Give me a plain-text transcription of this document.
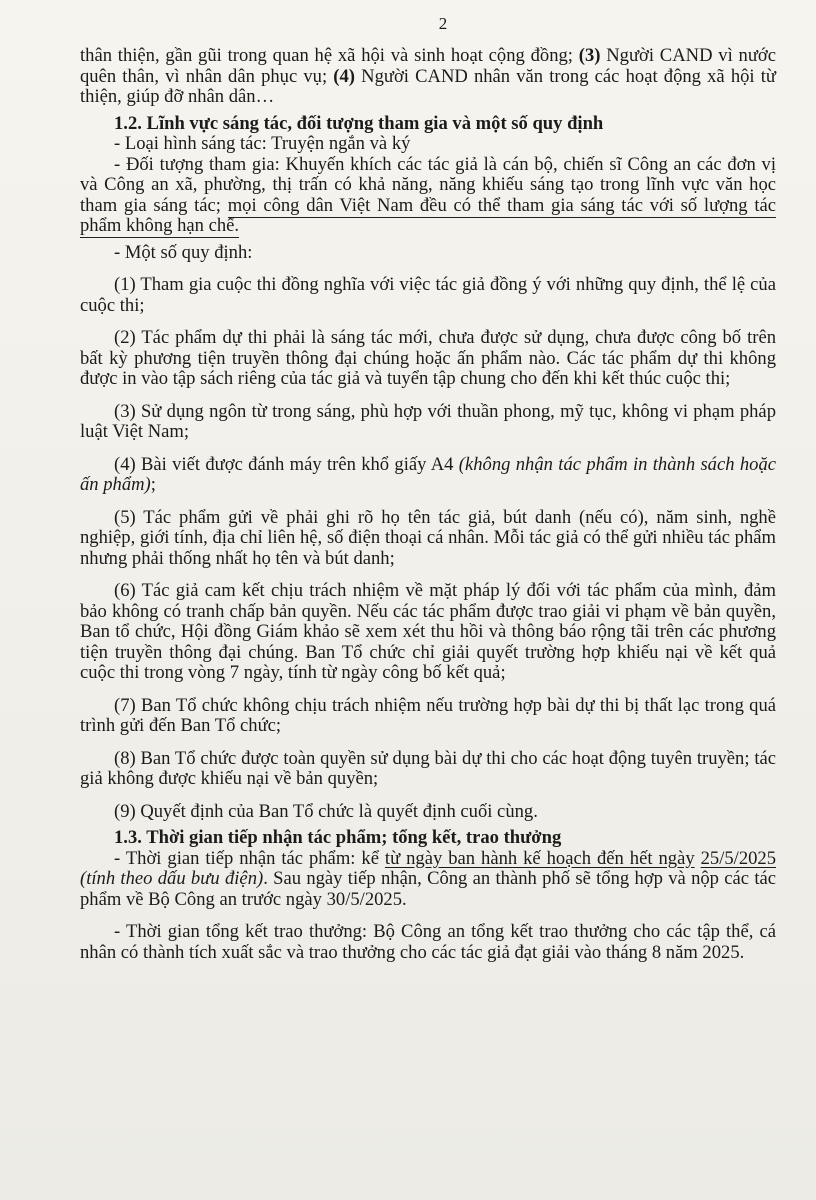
2

thân thiện, gần gũi trong quan hệ xã hội và sinh hoạt cộng đồng; (3) Người CAND vì nước quên thân, vì nhân dân phục vụ; (4) Người CAND nhân văn trong các hoạt động xã hội từ thiện, giúp đỡ nhân dân…

1.2. Lĩnh vực sáng tác, đối tượng tham gia và một số quy định

- Loại hình sáng tác: Truyện ngắn và ký

- Đối tượng tham gia: Khuyến khích các tác giả là cán bộ, chiến sĩ Công an các đơn vị và Công an xã, phường, thị trấn có khả năng, năng khiếu sáng tạo trong lĩnh vực văn học tham gia sáng tác; mọi công dân Việt Nam đều có thể tham gia sáng tác với số lượng tác phẩm không hạn chế.

- Một số quy định:

(1) Tham gia cuộc thi đồng nghĩa với việc tác giả đồng ý với những quy định, thể lệ của cuộc thi;

(2) Tác phẩm dự thi phải là sáng tác mới, chưa được sử dụng, chưa được công bố trên bất kỳ phương tiện truyền thông đại chúng hoặc ấn phẩm nào. Các tác phẩm dự thi không được in vào tập sách riêng của tác giả và tuyển tập chung cho đến khi kết thúc cuộc thi;

(3) Sử dụng ngôn từ trong sáng, phù hợp với thuần phong, mỹ tục, không vi phạm pháp luật Việt Nam;

(4) Bài viết được đánh máy trên khổ giấy A4 (không nhận tác phẩm in thành sách hoặc ấn phẩm);

(5) Tác phẩm gửi về phải ghi rõ họ tên tác giả, bút danh (nếu có), năm sinh, nghề nghiệp, giới tính, địa chỉ liên hệ, số điện thoại cá nhân. Mỗi tác giả có thể gửi nhiều tác phẩm nhưng phải thống nhất họ tên và bút danh;

(6) Tác giả cam kết chịu trách nhiệm về mặt pháp lý đối với tác phẩm của mình, đảm bảo không có tranh chấp bản quyền. Nếu các tác phẩm được trao giải vi phạm về bản quyền, Ban tổ chức, Hội đồng Giám khảo sẽ xem xét thu hồi và thông báo rộng tãi trên các phương tiện truyền thông đại chúng. Ban Tổ chức chỉ giải quyết trường hợp khiếu nại về kết quả cuộc thi trong vòng 7 ngày, tính từ ngày công bố kết quả;

(7) Ban Tổ chức không chịu trách nhiệm nếu trường hợp bài dự thi bị thất lạc trong quá trình gửi đến Ban Tổ chức;

(8) Ban Tổ chức được toàn quyền sử dụng bài dự thi cho các hoạt động tuyên truyền; tác giả không được khiếu nại về bản quyền;

(9) Quyết định của Ban Tổ chức là quyết định cuối cùng.

1.3. Thời gian tiếp nhận tác phẩm; tổng kết, trao thưởng

- Thời gian tiếp nhận tác phẩm: kể từ ngày ban hành kế hoạch đến hết ngày 25/5/2025 (tính theo dấu bưu điện). Sau ngày tiếp nhận, Công an thành phố sẽ tổng hợp và nộp các tác phẩm về Bộ Công an trước ngày 30/5/2025.

- Thời gian tổng kết trao thưởng: Bộ Công an tổng kết trao thưởng cho các tập thể, cá nhân có thành tích xuất sắc và trao thưởng cho các tác giả đạt giải vào tháng 8 năm 2025.
